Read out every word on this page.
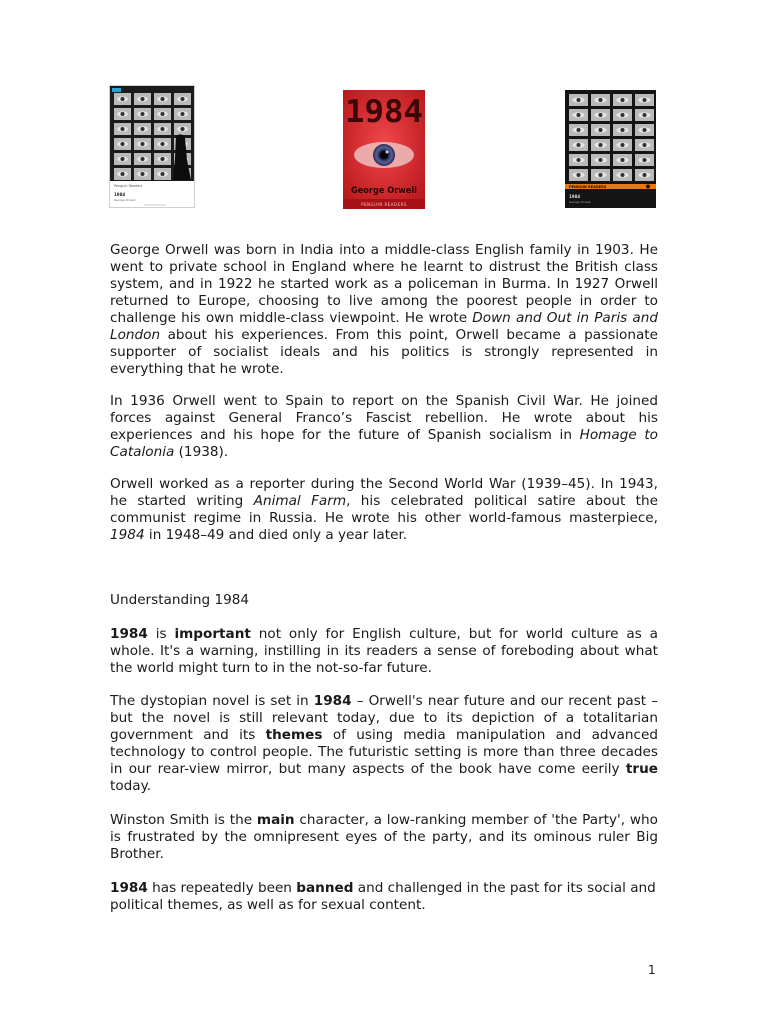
Penguin Readers
1984
George Orwell
1984
George Orwell
PENGUIN READERS
PENGUIN READERS
1984
George Orwell

George Orwell was born in India into a middle-class English family in 1903. He went to private school in England where he learnt to distrust the British class system, and in 1922 he started work as a policeman in Burma. In 1927 Orwell returned to Europe, choosing to live among the poorest people in order to challenge his own middle-class viewpoint. He wrote Down and Out in Paris and London about his experiences. From this point, Orwell became a passionate supporter of socialist ideals and his politics is strongly represented in everything that he wrote.

In 1936 Orwell went to Spain to report on the Spanish Civil War. He joined forces against General Franco’s Fascist rebellion. He wrote about his experiences and his hope for the future of Spanish socialism in Homage to Catalonia (1938).

Orwell worked as a reporter during the Second World War (1939–45). In 1943, he started writing Animal Farm, his celebrated political satire about the communist regime in Russia. He wrote his other world-famous masterpiece, 1984 in 1948–49 and died only a year later.

Understanding 1984

1984 is important not only for English culture, but for world culture as a whole. It's a warning, instilling in its readers a sense of foreboding about what the world might turn to in the not-so-far future.

The dystopian novel is set in 1984 – Orwell's near future and our recent past – but the novel is still relevant today, due to its depiction of a totalitarian government and its themes of using media manipulation and advanced technology to control people. The futuristic setting is more than three decades in our rear-view mirror, but many aspects of the book have come eerily true today.

Winston Smith is the main character, a low-ranking member of 'the Party', who is frustrated by the omnipresent eyes of the party, and its ominous ruler Big Brother.

1984 has repeatedly been banned and challenged in the past for its social and political themes, as well as for sexual content.

1
